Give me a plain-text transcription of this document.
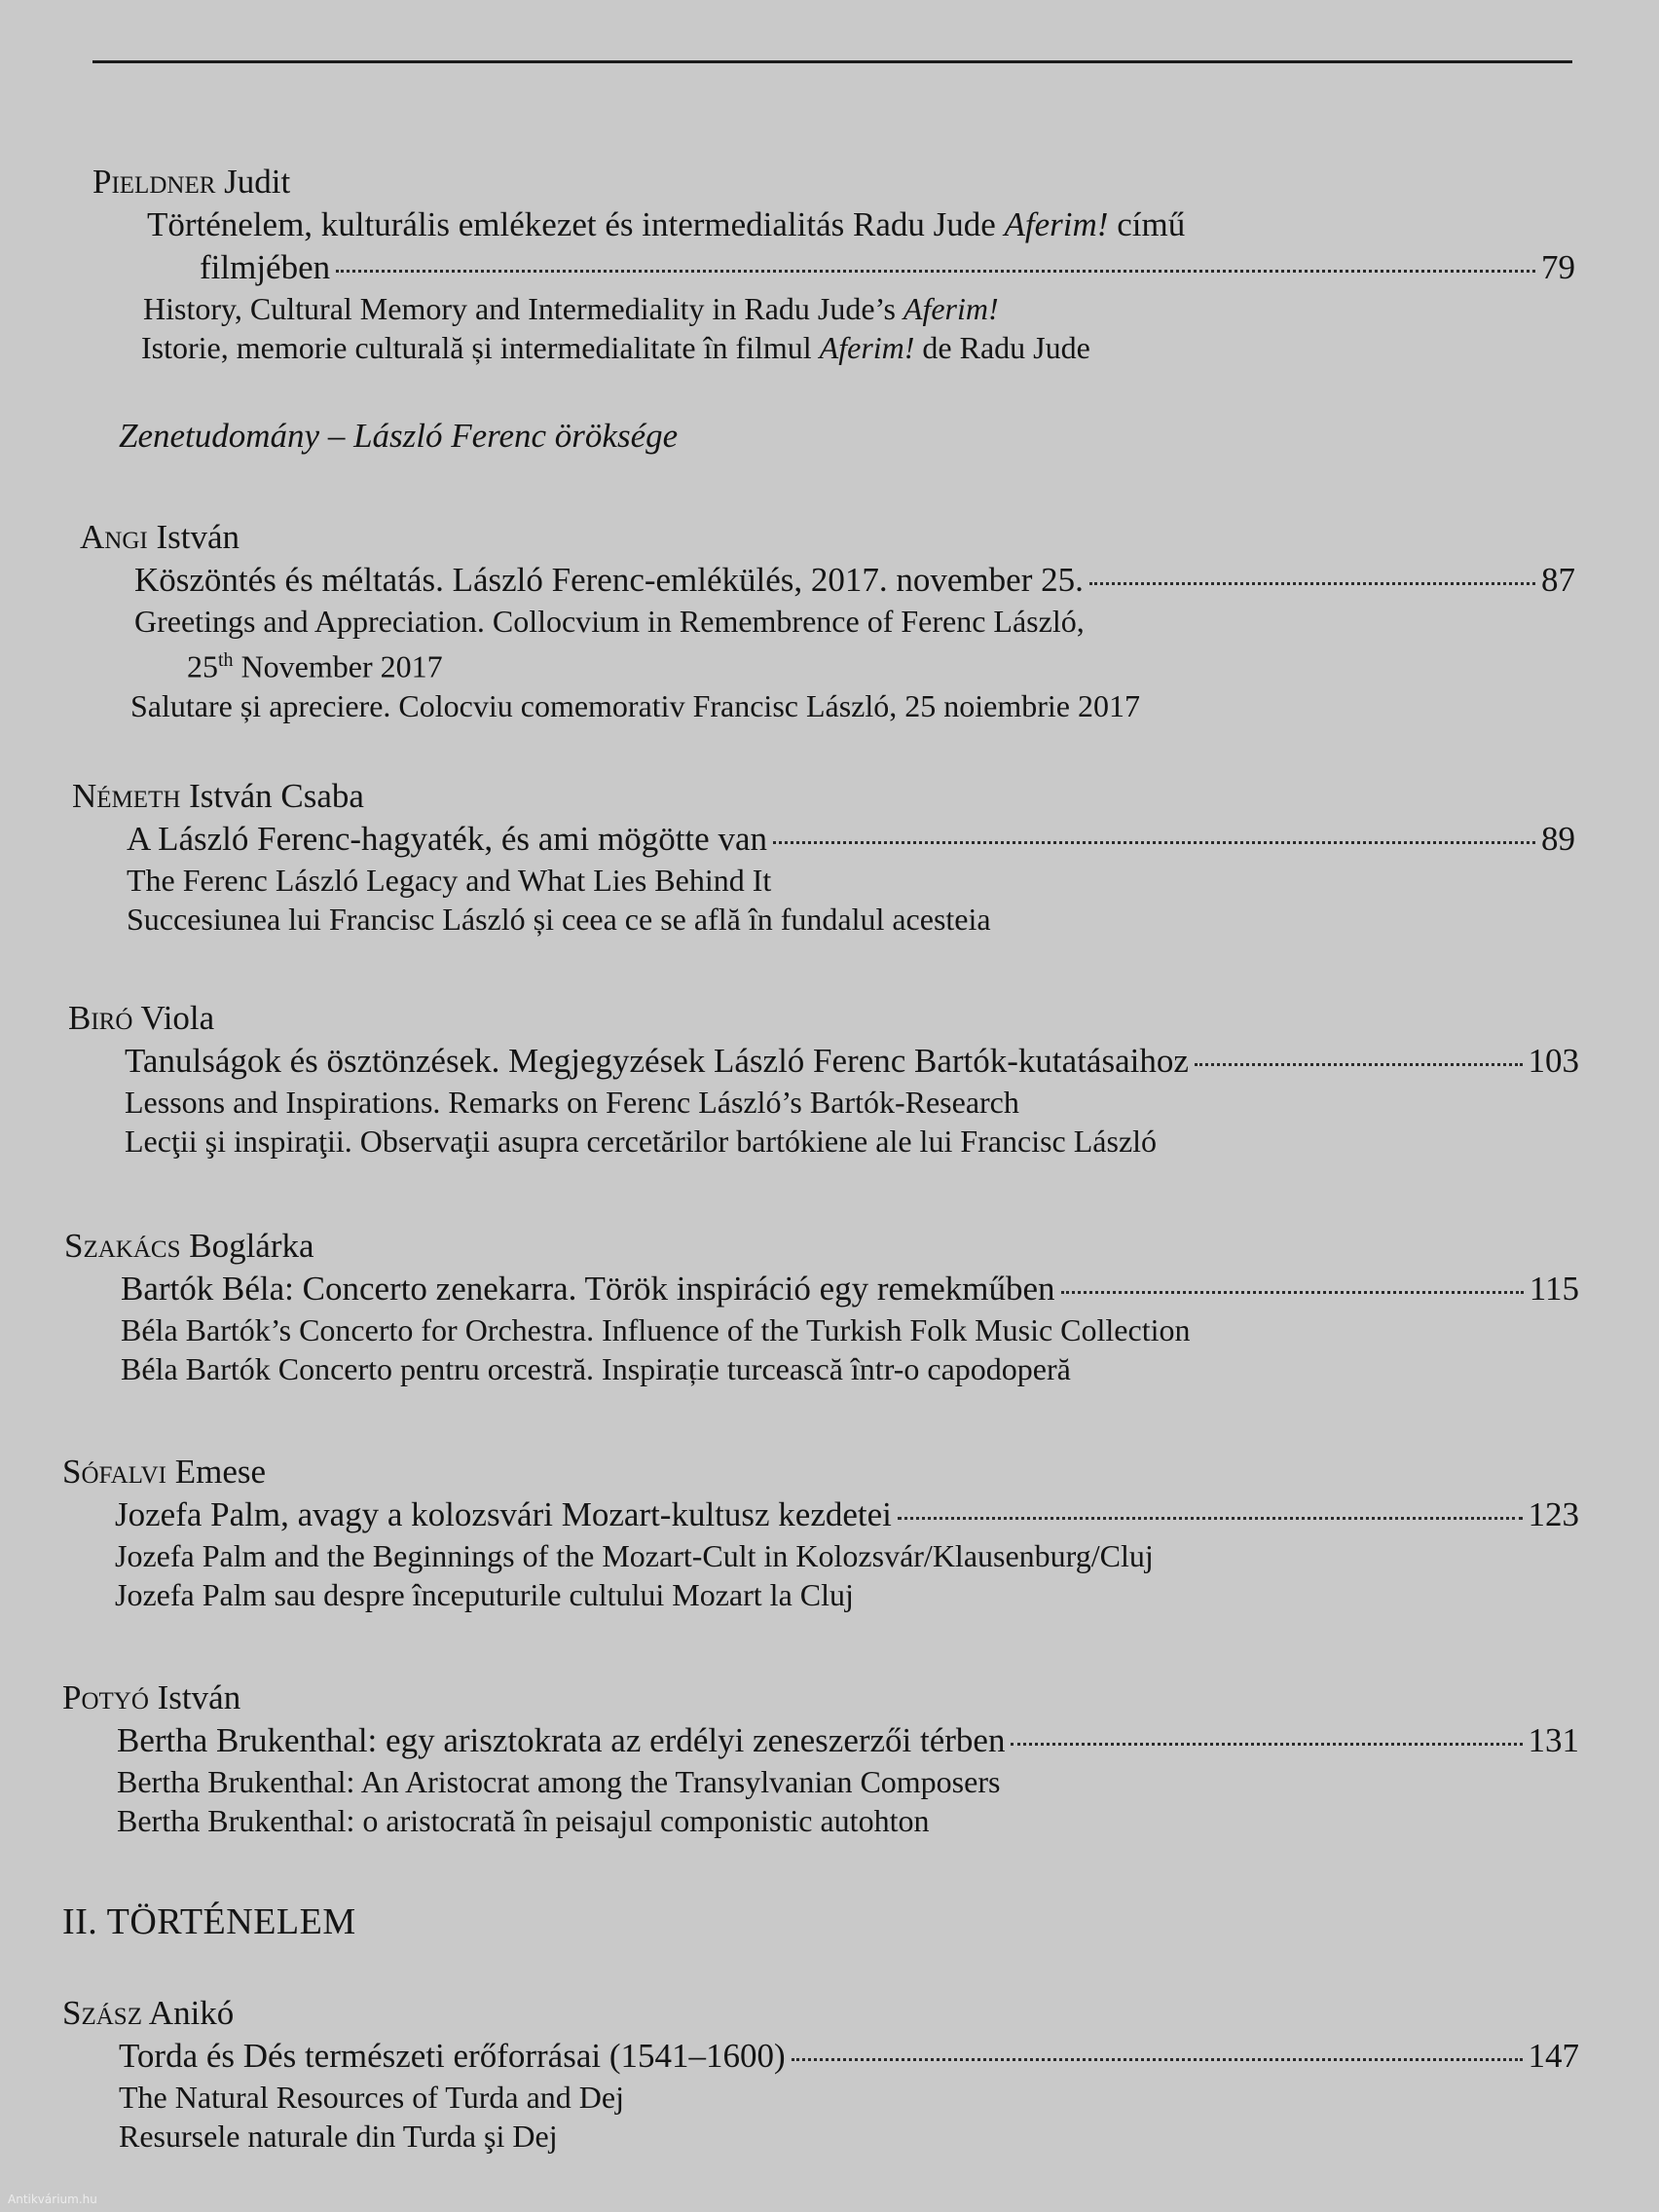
Pieldner Judit
Történelem, kulturális emlékezet és intermedialitás Radu Jude Aferim! című
filmjében	79
History, Cultural Memory and Intermediality in Radu Jude’s Aferim!
Istorie, memorie culturală și intermedialitate în filmul Aferim! de Radu Jude
Zenetudomány – László Ferenc öröksége
Angi István
Köszöntés és méltatás. László Ferenc-emlékülés, 2017. november 25.	87
Greetings and Appreciation. Collocvium in Remembrence of Ferenc László,
25th November 2017
Salutare și apreciere. Colocviu comemorativ Francisc László, 25 noiembrie 2017
Németh István Csaba
A László Ferenc-hagyaték, és ami mögötte van	89
The Ferenc László Legacy and What Lies Behind It
Succesiunea lui Francisc László și ceea ce se află în fundalul acesteia
Biró Viola
Tanulságok és ösztönzések. Megjegyzések László Ferenc Bartók-kutatásaihoz	103
Lessons and Inspirations. Remarks on Ferenc László’s Bartók-Research
Lecţii şi inspiraţii. Observaţii asupra cercetărilor bartókiene ale lui Francisc László
Szakács Boglárka
Bartók Béla: Concerto zenekarra. Török inspiráció egy remekműben	115
Béla Bartók’s Concerto for Orchestra. Influence of the Turkish Folk Music Collection
Béla Bartók Concerto pentru orcestră. Inspirație turcească într-o capodoperă
Sófalvi Emese
Jozefa Palm, avagy a kolozsvári Mozart-kultusz kezdetei	123
Jozefa Palm and the Beginnings of the Mozart-Cult in Kolozsvár/Klausenburg/Cluj
Jozefa Palm sau despre începuturile cultului Mozart la Cluj
Potyó István
Bertha Brukenthal: egy arisztokrata az erdélyi zeneszerzői térben	131
Bertha Brukenthal: An Aristocrat among the Transylvanian Composers
Bertha Brukenthal: o aristocrată în peisajul componistic autohton
II. TÖRTÉNELEM
Szász Anikó
Torda és Dés természeti erőforrásai (1541–1600)	147
The Natural Resources of Turda and Dej
Resursele naturale din Turda şi Dej
Antikvárium.hu
